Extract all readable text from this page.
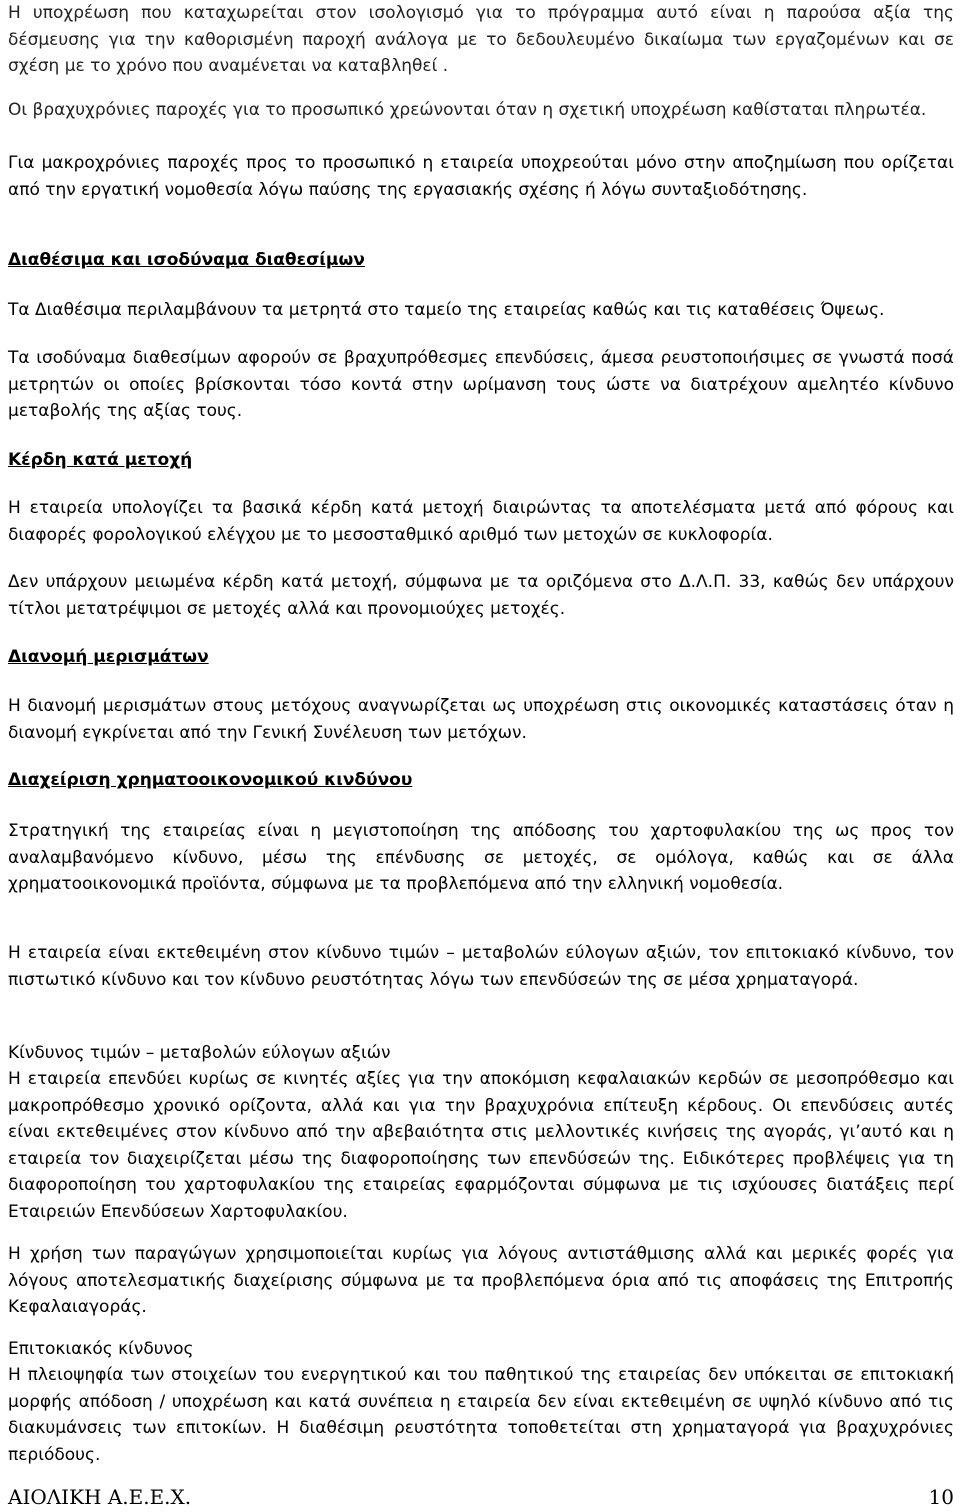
Η υποχρέωση που καταχωρείται στον ισολογισμό για το πρόγραμμα αυτό είναι η παρούσα αξία της δέσμευσης για την καθορισμένη παροχή ανάλογα με το δεδουλευμένο δικαίωμα των εργαζομένων και σε σχέση με το χρόνο που αναμένεται να καταβληθεί .

Οι βραχυχρόνιες παροχές για το προσωπικό χρεώνονται όταν η σχετική υποχρέωση καθίσταται πληρωτέα.

Για μακροχρόνιες παροχές προς το προσωπικό η εταιρεία υποχρεούται μόνο στην αποζημίωση που ορίζεται από την εργατική νομοθεσία λόγω παύσης της εργασιακής σχέσης ή λόγω συνταξιοδότησης.

Διαθέσιμα και ισοδύναμα διαθεσίμων

Τα Διαθέσιμα περιλαμβάνουν τα μετρητά στο ταμείο της εταιρείας καθώς και τις καταθέσεις Όψεως.

Τα ισοδύναμα διαθεσίμων αφορούν σε βραχυπρόθεσμες επενδύσεις, άμεσα ρευστοποιήσιμες σε γνωστά ποσά μετρητών οι οποίες βρίσκονται τόσο κοντά στην ωρίμανση τους ώστε να διατρέχουν αμελητέο κίνδυνο μεταβολής της αξίας τους.

Κέρδη κατά μετοχή

Η εταιρεία υπολογίζει τα βασικά κέρδη κατά μετοχή διαιρώντας τα αποτελέσματα μετά από φόρους και διαφορές φορολογικού ελέγχου με το μεσοσταθμικό αριθμό των μετοχών σε κυκλοφορία.

Δεν υπάρχουν μειωμένα κέρδη κατά μετοχή, σύμφωνα με τα οριζόμενα στο Δ.Λ.Π. 33, καθώς δεν υπάρχουν τίτλοι μετατρέψιμοι σε μετοχές αλλά και προνομιούχες μετοχές.

Διανομή μερισμάτων

Η διανομή μερισμάτων στους μετόχους αναγνωρίζεται ως υποχρέωση στις οικονομικές καταστάσεις όταν η διανομή εγκρίνεται από την Γενική Συνέλευση των μετόχων.

Διαχείριση χρηματοοικονομικού κινδύνου

Στρατηγική της εταιρείας είναι η μεγιστοποίηση της απόδοσης του χαρτοφυλακίου της ως προς τον αναλαμβανόμενο κίνδυνο, μέσω της επένδυσης σε μετοχές, σε ομόλογα, καθώς και σε άλλα χρηματοοικονομικά προϊόντα, σύμφωνα με τα προβλεπόμενα από την ελληνική νομοθεσία.

Η εταιρεία είναι εκτεθειμένη στον κίνδυνο τιμών – μεταβολών εύλογων αξιών, τον επιτοκιακό κίνδυνο, τον πιστωτικό κίνδυνο και τον κίνδυνο ρευστότητας λόγω των επενδύσεών της σε μέσα χρηματαγορά.

Κίνδυνος τιμών – μεταβολών εύλογων αξιών

Η εταιρεία επενδύει κυρίως σε κινητές αξίες για την αποκόμιση κεφαλαιακών κερδών σε μεσοπρόθεσμο και μακροπρόθεσμο χρονικό ορίζοντα, αλλά και για την βραχυχρόνια επίτευξη κέρδους. Οι επενδύσεις αυτές είναι εκτεθειμένες στον κίνδυνο από την αβεβαιότητα στις μελλοντικές κινήσεις της αγοράς, γι’αυτό και η εταιρεία τον διαχειρίζεται μέσω της διαφοροποίησης των επενδύσεών της. Ειδικότερες προβλέψεις για τη διαφοροποίηση του χαρτοφυλακίου της εταιρείας εφαρμόζονται σύμφωνα με τις ισχύουσες διατάξεις περί Εταιρειών Επενδύσεων Χαρτοφυλακίου.

Η χρήση των παραγώγων χρησιμοποιείται κυρίως για λόγους αντιστάθμισης αλλά και μερικές φορές για λόγους αποτελεσματικής διαχείρισης σύμφωνα με τα προβλεπόμενα όρια από τις αποφάσεις της Επιτροπής Κεφαλαιαγοράς.

Επιτοκιακός κίνδυνος

Η πλειοψηφία των στοιχείων του ενεργητικού και του παθητικού της εταιρείας δεν υπόκειται σε επιτοκιακή μορφής απόδοση / υποχρέωση και κατά συνέπεια η εταιρεία δεν είναι εκτεθειμένη σε υψηλό κίνδυνο από τις διακυμάνσεις των επιτοκίων. Η διαθέσιμη ρευστότητα τοποθετείται στη χρηματαγορά για βραχυχρόνιες περιόδους.

ΑΙΟΛΙΚΗ Α.Ε.Ε.Χ.	10
